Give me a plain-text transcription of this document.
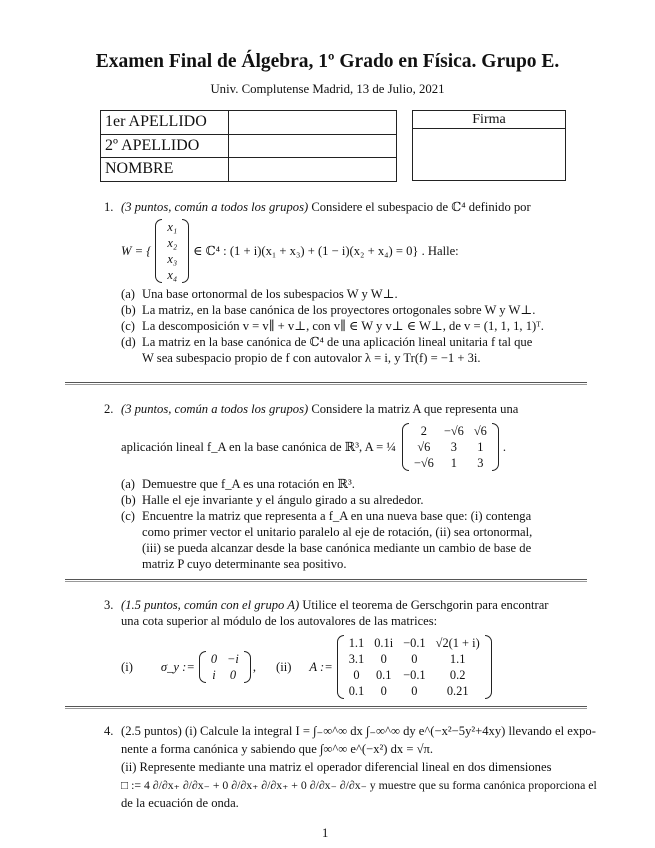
Examen Final de Álgebra, 1º Grado en Física. Grupo E.
Univ. Complutense Madrid, 13 de Julio, 2021
1er APELLIDO	
2º APELLIDO	
NOMBRE	
Firma

1. (3 puntos, común a todos los grupos) Considere el subespacio de ℂ⁴ definido por
W = {
x₁
x₂
x₃
x₄
∈ ℂ⁴ : (1 + i)(x₁ + x₃) + (1 − i)(x₂ + x₄) = 0} . Halle:
(a) Una base ortonormal de los subespacios W y W⊥.
(b) La matriz, en la base canónica de los proyectores ortogonales sobre W y W⊥.
(c) La descomposición v = v∥ + v⊥, con v∥ ∈ W y v⊥ ∈ W⊥, de v = (1, 1, 1, 1)ᵀ.
(d) La matriz en la base canónica de ℂ⁴ de una aplicación lineal unitaria f tal que
W sea subespacio propio de f con autovalor λ = i, y Tr(f) = −1 + 3i.
2. (3 puntos, común a todos los grupos) Considere la matriz A que representa una
aplicación lineal f_A en la base canónica de ℝ³, A = ¼
2	−√6	√6
√6	3	1
−√6	1	3
.
(a) Demuestre que f_A es una rotación en ℝ³.
(b) Halle el eje invariante y el ángulo girado a su alrededor.
(c) Encuentre la matriz que representa a f_A en una nueva base que: (i) contenga
como primer vector el unitario paralelo al eje de rotación, (ii) sea ortonormal,
(iii) se pueda alcanzar desde la base canónica mediante un cambio de base de
matriz P cuyo determinante sea positivo.
3. (1.5 puntos, común con el grupo A) Utilice el teorema de Gerschgorin para encontrar
una cota superior al módulo de los autovalores de las matrices:
(i) σ_y :=
0	−i
i	0
, (ii) A :=
1.1	0.1i	−0.1	√2(1 + i)
3.1	0	0	1.1
0	0.1	−0.1	0.2
0.1	0	0	0.21
4. (2.5 puntos) (i) Calcule la integral I = ∫₋∞^∞ dx ∫₋∞^∞ dy e^(−x²−5y²+4xy) llevando el expo-
nente a forma canónica y sabiendo que ∫∞^∞ e^(−x²) dx = √π.
(ii) Represente mediante una matriz el operador diferencial lineal en dos dimensiones
□ := 4 ∂/∂x₊ ∂/∂x₋ + 0 ∂/∂x₊ ∂/∂x₊ + 0 ∂/∂x₋ ∂/∂x₋ y muestre que su forma canónica proporciona el
de la ecuación de onda.
1
